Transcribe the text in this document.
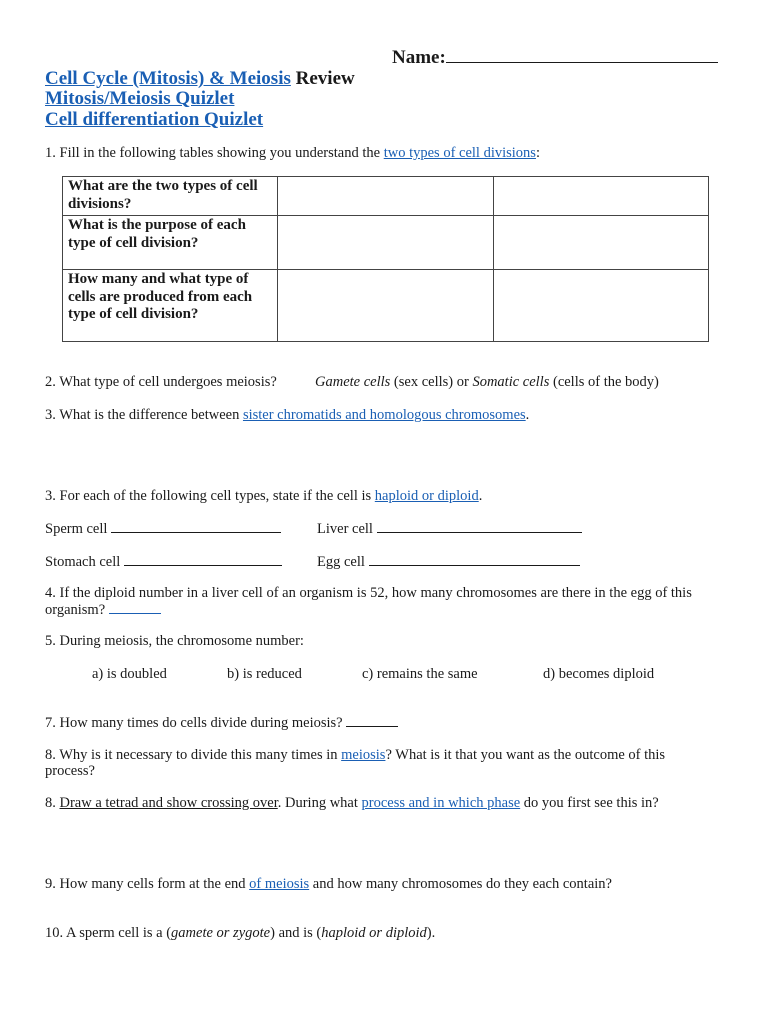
Name:
Cell Cycle (Mitosis) & Meiosis Review
Mitosis/Meiosis Quizlet
Cell differentiation Quizlet
1. Fill in the following tables showing you understand the two types of cell divisions:
What are the two types of cell divisions?		

What is the purpose of each type of cell division?		

How many and what type of cells are produced from each type of cell division?		

2. What type of cell undergoes meiosis?	Gamete cells (sex cells) or Somatic cells (cells of the body)
3. What is the difference between sister chromatids and homologous chromosomes.
3. For each of the following cell types, state if the cell is haploid or diploid.
Sperm cell	Liver cell
Stomach cell	Egg cell
4. If the diploid number in a liver cell of an organism is 52, how many chromosomes are there in the egg of this
organism?
5. During meiosis, the chromosome number:
a) is doubled	b) is reduced	c) remains the same	d) becomes diploid
7. How many times do cells divide during meiosis?
8. Why is it necessary to divide this many times in meiosis? What is it that you want as the outcome of this
process?
8. Draw a tetrad and show crossing over. During what process and in which phase do you first see this in?
9. How many cells form at the end of meiosis and how many chromosomes do they each contain?
10. A sperm cell is a (gamete or zygote) and is (haploid or diploid).
